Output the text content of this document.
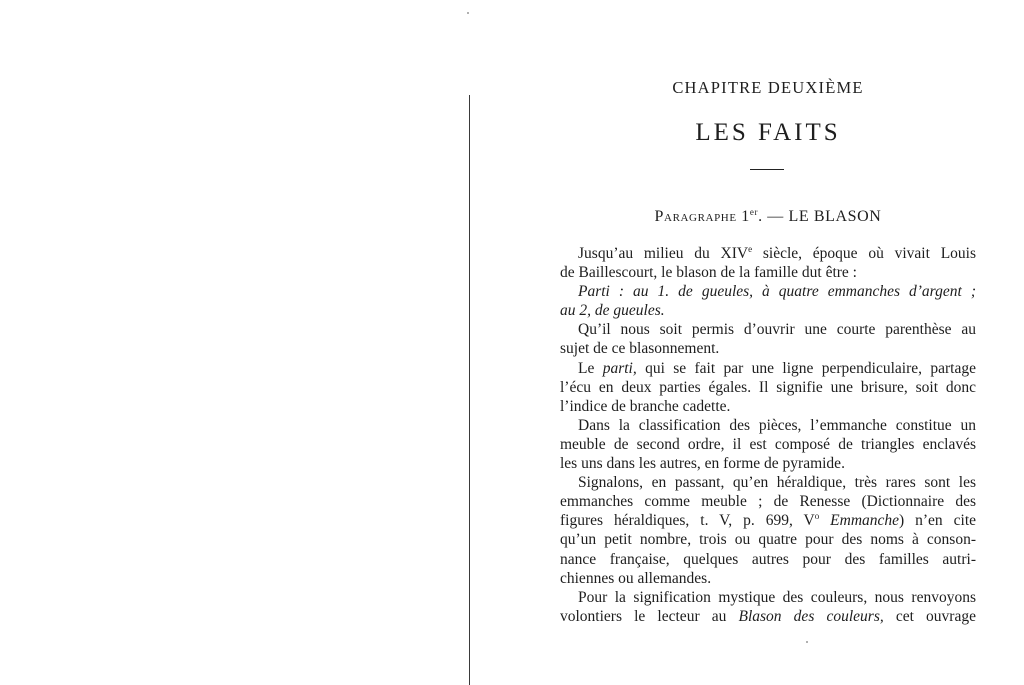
CHAPITRE DEUXIÈME
LES FAITS
Paragraphe 1er. — LE BLASON

Jusqu’au milieu du XIVe siècle, époque où vivait Louis
de Baillescourt, le blason de la famille dut être :

Parti : au 1. de gueules, à quatre emmanches d’argent ;
au 2, de gueules.

Qu’il nous soit permis d’ouvrir une courte parenthèse au
sujet de ce blasonnement.

Le parti, qui se fait par une ligne perpendiculaire, partage
l’écu en deux parties égales. Il signifie une brisure, soit donc
l’indice de branche cadette.

Dans la classification des pièces, l’emmanche constitue un
meuble de second ordre, il est composé de triangles enclavés
les uns dans les autres, en forme de pyramide.

Signalons, en passant, qu’en héraldique, très rares sont les
emmanches comme meuble ; de Renesse (Dictionnaire des
figures héraldiques, t. V, p. 699, $V^o$ Emmanche) n’en cite
qu’un petit nombre, trois ou quatre pour des noms à conson-
nance française, quelques autres pour des familles autri-
chiennes ou allemandes.

Pour la signification mystique des couleurs, nous renvoyons
volontiers le lecteur au Blason des couleurs, cet ouvrage
